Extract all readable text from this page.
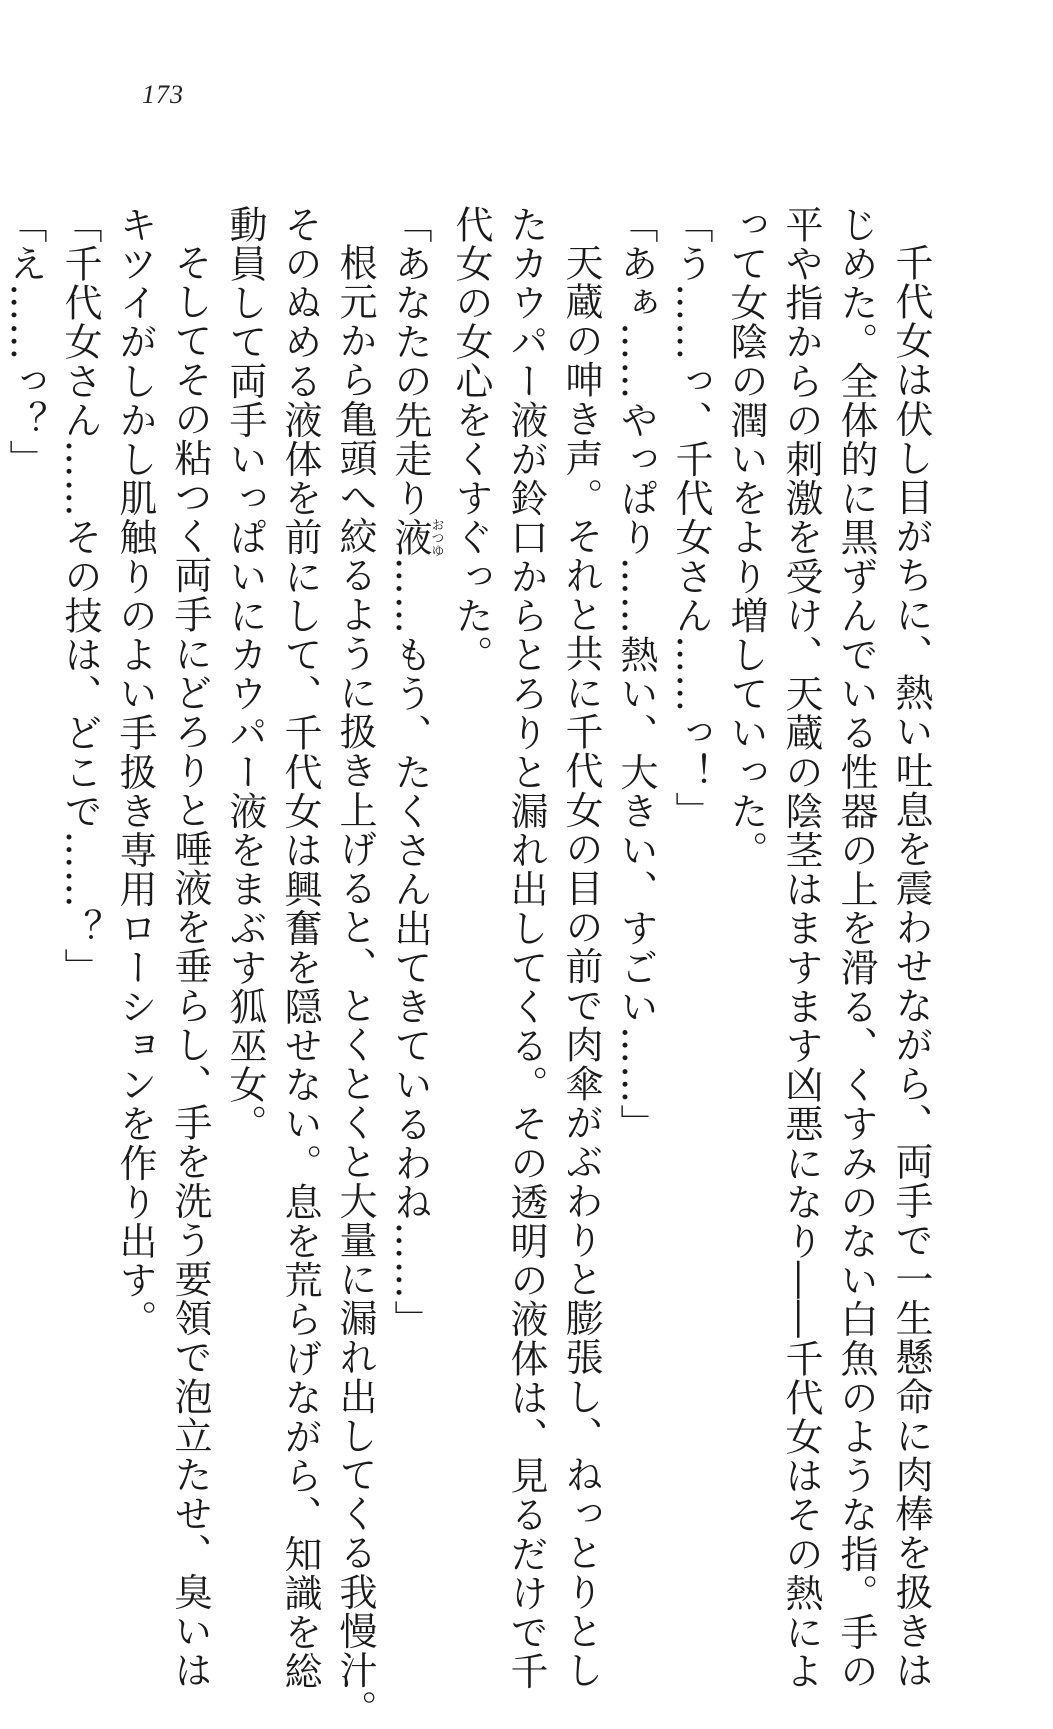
173
千代女は伏し目がちに、熱い吐息を震わせながら、両手で一生懸命に肉棒を扱きは
じめた。全体的に黒ずんでいる性器の上を滑る、くすみのない白魚のような指。手の
平や指からの刺激を受け、天蔵の陰茎はますます凶悪になり――千代女はその熱によ
って女陰の潤いをより増していった。
「う……っ、千代女さん……っ！」
「あぁ……やっぱり……熱い、大きい、すごい……」
天蔵の呻き声。それと共に千代女の目の前で肉傘がぶわりと膨張し、ねっとりとし
たカウパー液が鈴口からとろりと漏れ出してくる。その透明の液体は、見るだけで千
代女の女心をくすぐった。
「あなたの先走り液おつゆ……もう、たくさん出てきているわね……」
根元から亀頭へ絞るように扱き上げると、とくとくと大量に漏れ出してくる我慢汁。
そのぬめる液体を前にして、千代女は興奮を隠せない。息を荒らげながら、知識を総
動員して両手いっぱいにカウパー液をまぶす狐巫女。
そしてその粘つく両手にどろりと唾液を垂らし、手を洗う要領で泡立たせ、臭いは
キツイがしかし肌触りのよい手扱き専用ローションを作り出す。
「千代女さん……その技は、どこで……？」
「え……っ？」
